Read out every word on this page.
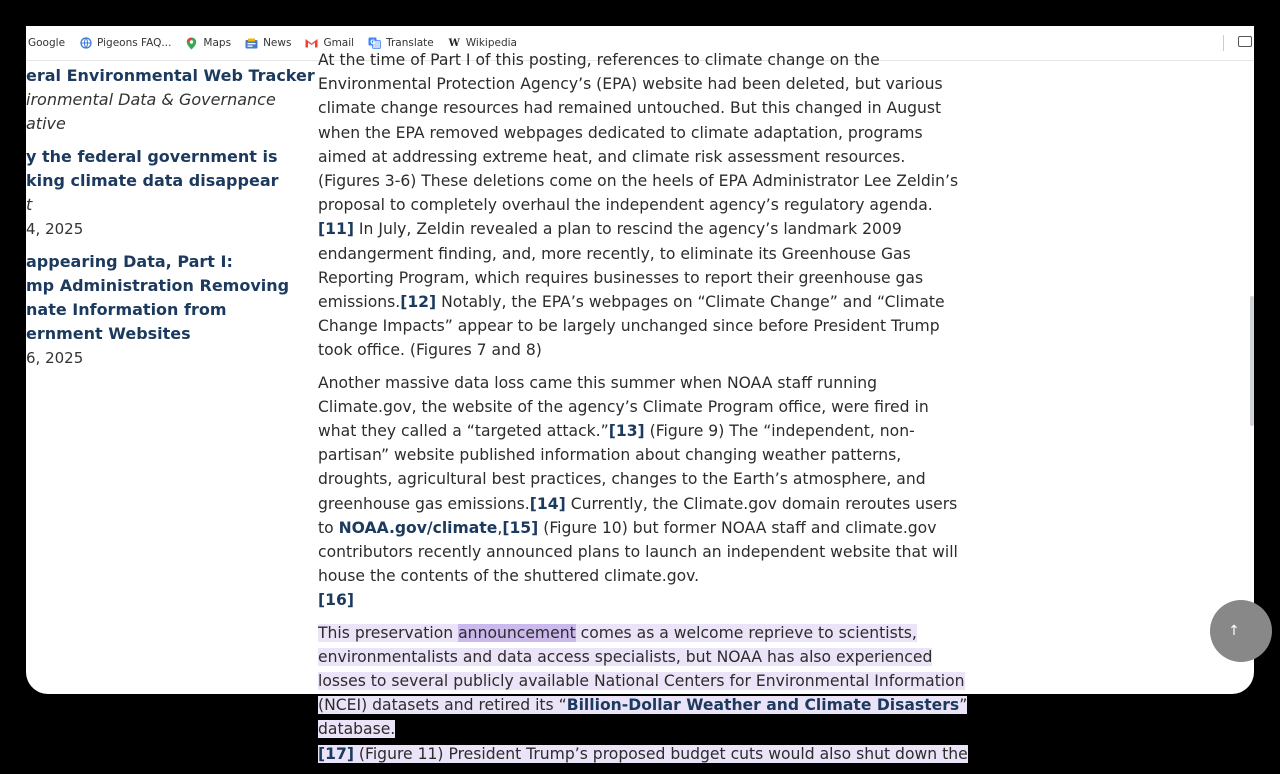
Google	Pigeons FAQ...	Maps	News	Gmail	G Translate W Wikipedia
eral Environmental Web Tracker
ironmental Data & Governance
ative
y the federal government is
king climate data disappear
t
4, 2025
appearing Data, Part I:
mp Administration Removing
nate Information from
ernment Websites
6, 2025

At the time of Part I of this posting, references to climate change on the Environmental Protection Agency’s (EPA) website had been deleted, but various climate change resources had remained untouched. But this changed in August when the EPA removed webpages dedicated to climate adaptation, programs aimed at addressing extreme heat, and climate risk assessment resources. (Figures 3-6) These deletions come on the heels of EPA Administrator Lee Zeldin’s proposal to completely overhaul the independent agency’s regulatory agenda.[11] In July, Zeldin revealed a plan to rescind the agency’s landmark 2009 endangerment finding, and, more recently, to eliminate its Greenhouse Gas Reporting Program, which requires businesses to report their greenhouse gas emissions.[12] Notably, the EPA’s webpages on “Climate Change” and “Climate Change Impacts” appear to be largely unchanged since before President Trump took office. (Figures 7 and 8)

Another massive data loss came this summer when NOAA staff running Climate.gov, the website of the agency’s Climate Program office, were fired in what they called a “targeted attack.”[13] (Figure 9) The “independent, non-partisan” website published information about changing weather patterns, droughts, agricultural best practices, changes to the Earth’s atmosphere, and greenhouse gas emissions.[14] Currently, the Climate.gov domain reroutes users to NOAA.gov/climate,[15] (Figure 10) but former NOAA staff and climate.gov contributors recently announced plans to launch an independent website that will house the contents of the shuttered climate.gov.
[16]

This preservation announcement comes as a welcome reprieve to scientists, environmentalists and data access specialists, but NOAA has also experienced losses to several publicly available National Centers for Environmental Information (NCEI) datasets and retired its “Billion-Dollar Weather and Climate Disasters” database.
[17] (Figure 11) President Trump’s proposed budget cuts would also shut down the

↑
